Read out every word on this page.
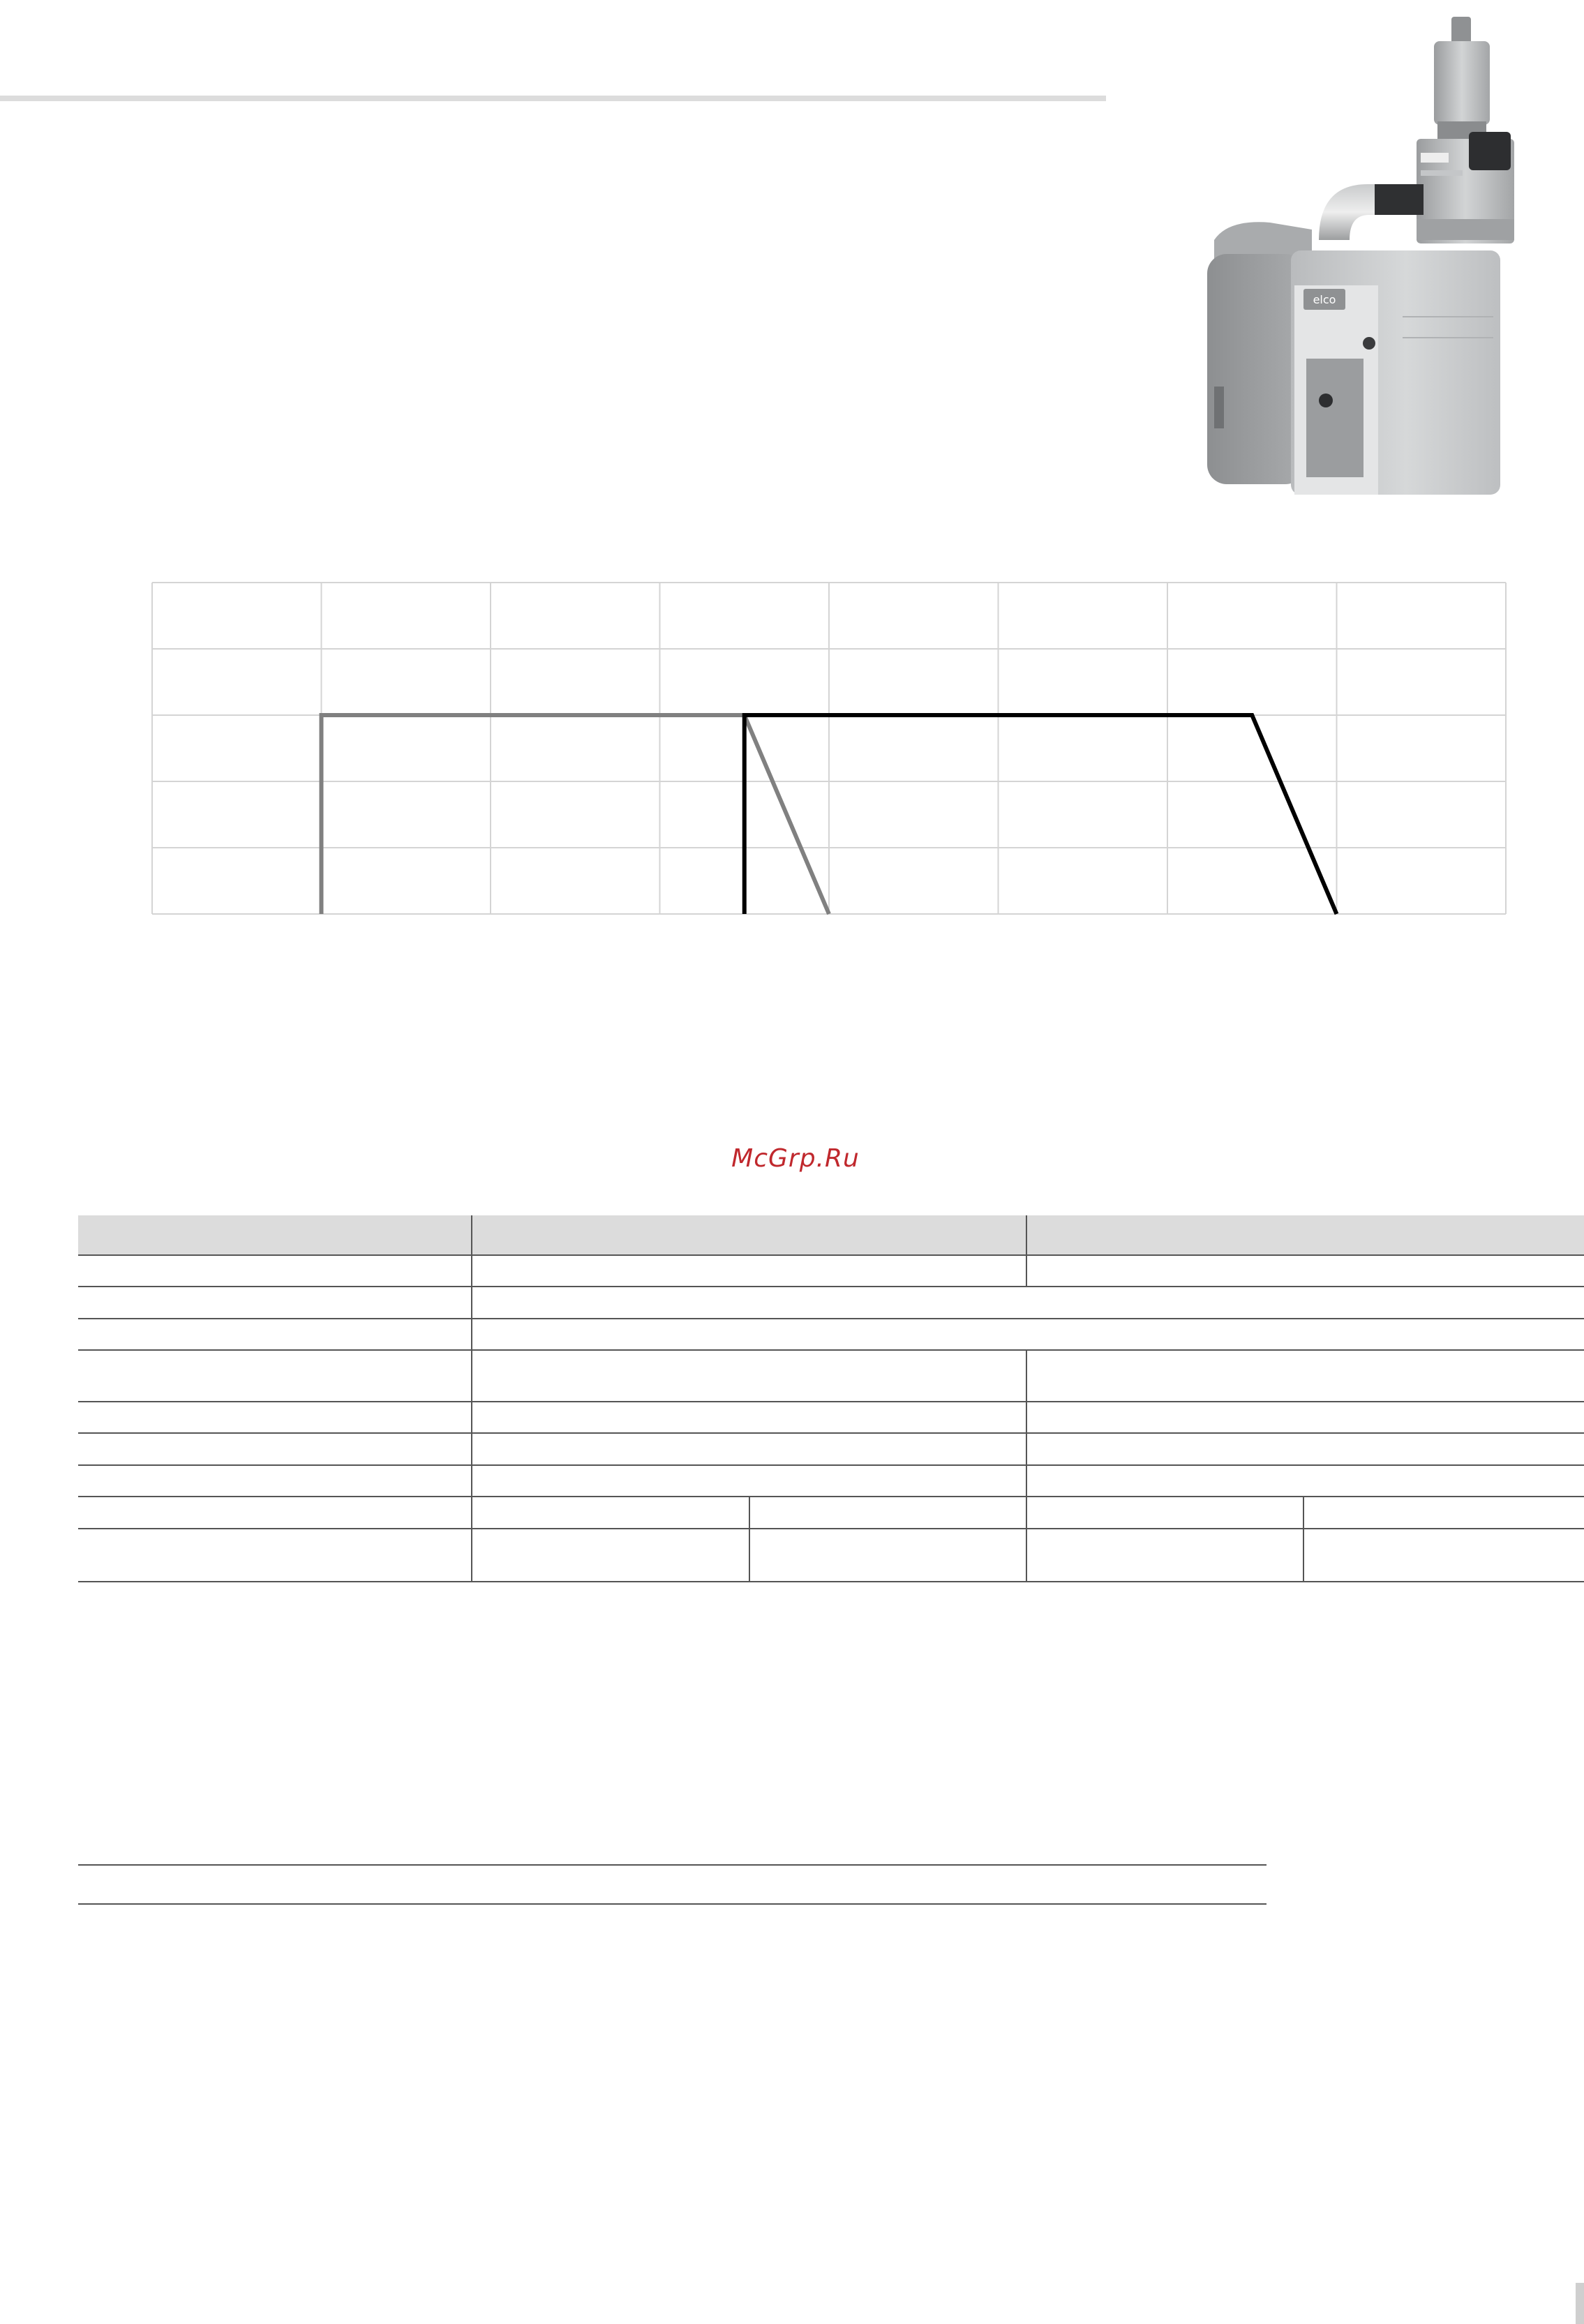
elco
McGrp.Ru
